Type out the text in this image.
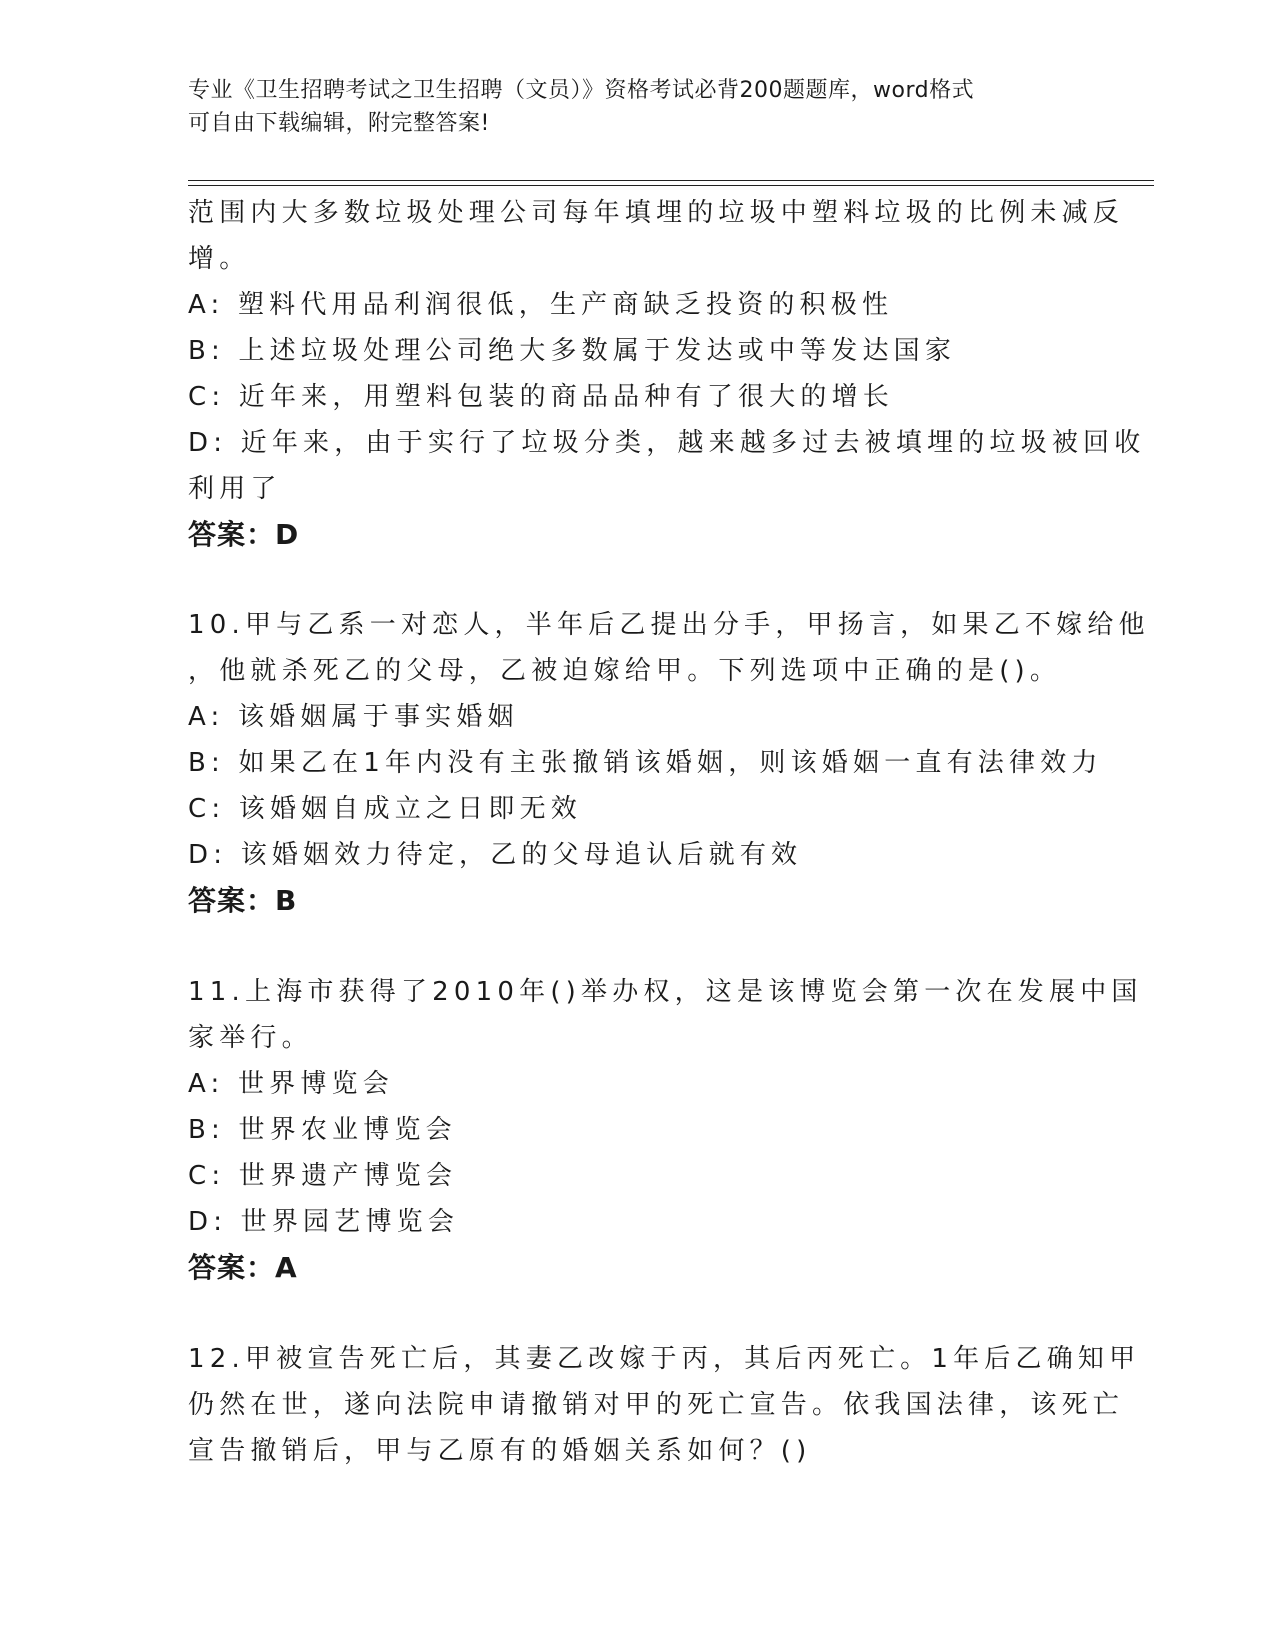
专业《卫生招聘考试之卫生招聘（文员）》资格考试必背200题题库，word格式
可自由下载编辑，附完整答案!
范围内大多数垃圾处理公司每年填埋的垃圾中塑料垃圾的比例未减反
增。
A: 塑料代用品利润很低，生产商缺乏投资的积极性
B: 上述垃圾处理公司绝大多数属于发达或中等发达国家
C: 近年来，用塑料包装的商品品种有了很大的增长
D: 近年来，由于实行了垃圾分类，越来越多过去被填埋的垃圾被回收
利用了
答案：D
10.甲与乙系一对恋人，半年后乙提出分手，甲扬言，如果乙不嫁给他
，他就杀死乙的父母，乙被迫嫁给甲。下列选项中正确的是()。
A: 该婚姻属于事实婚姻
B: 如果乙在1年内没有主张撤销该婚姻，则该婚姻一直有法律效力
C: 该婚姻自成立之日即无效
D: 该婚姻效力待定，乙的父母追认后就有效
答案：B
11.上海市获得了2010年()举办权，这是该博览会第一次在发展中国
家举行。
A: 世界博览会
B: 世界农业博览会
C: 世界遗产博览会
D: 世界园艺博览会
答案：A
12.甲被宣告死亡后，其妻乙改嫁于丙，其后丙死亡。1年后乙确知甲
仍然在世，遂向法院申请撤销对甲的死亡宣告。依我国法律，该死亡
宣告撤销后，甲与乙原有的婚姻关系如何？()
